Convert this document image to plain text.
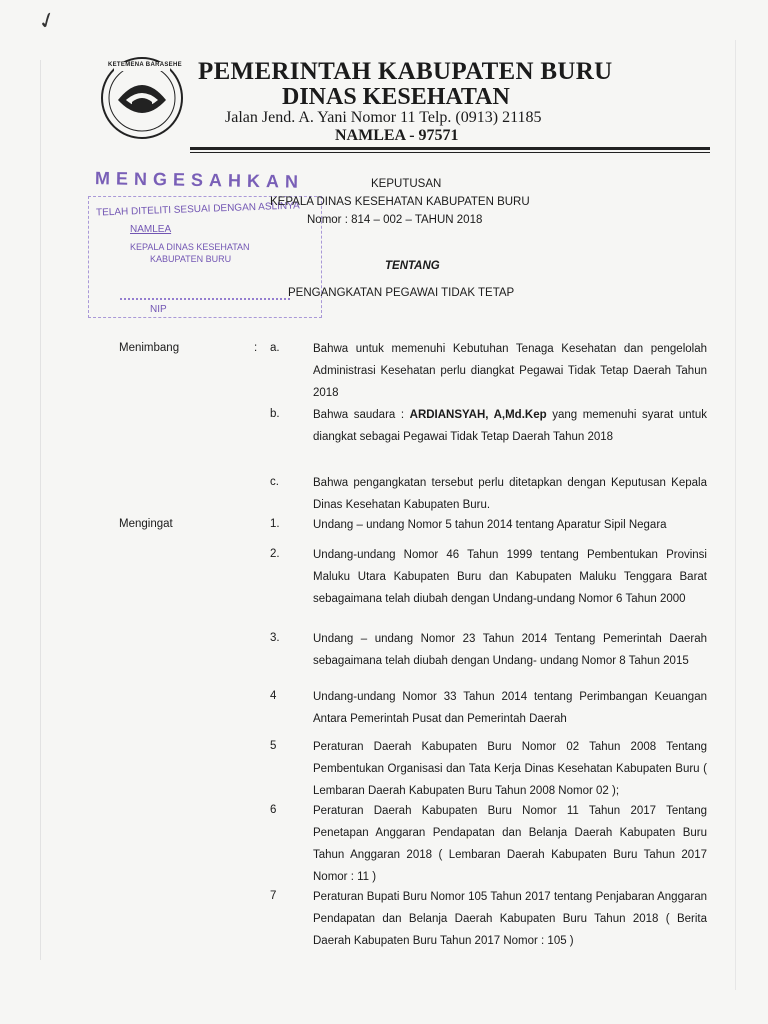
✓
KETEMENA BARASEHE PEMERINTAH KABUPATEN BURU
DINAS KESEHATAN
Jalan Jend. A. Yani Nomor 11 Telp. (0913) 21185
NAMLEA - 97571
MENGESAHKAN
TELAH DITELITI SESUAI DENGAN ASLINYA
NAMLEA
KEPALA DINAS KESEHATAN
KABUPATEN BURU
NIP
KEPUTUSAN
KEPALA DINAS KESEHATAN KABUPATEN BURU
Nomor : 814 – 002 – TAHUN 2018
TENTANG
PENGANGKATAN PEGAWAI TIDAK TETAP
Menimbang	: a.	Bahwa untuk memenuhi Kebutuhan Tenaga Kesehatan dan pengelolah Administrasi Kesehatan perlu diangkat Pegawai Tidak Tetap Daerah Tahun 2018
b.	Bahwa saudara : ARDIANSYAH, A,Md.Kep yang memenuhi syarat untuk diangkat sebagai Pegawai Tidak Tetap Daerah Tahun 2018
c.	Bahwa pengangkatan tersebut perlu ditetapkan dengan Keputusan Kepala Dinas Kesehatan Kabupaten Buru.
Mengingat	1.	Undang – undang Nomor 5 tahun 2014 tentang Aparatur Sipil Negara
2.	Undang-undang Nomor 46 Tahun 1999 tentang Pembentukan Provinsi Maluku Utara Kabupaten Buru dan Kabupaten Maluku Tenggara Barat sebagaimana telah diubah dengan Undang-undang Nomor 6 Tahun 2000
3.	Undang – undang Nomor 23 Tahun 2014 Tentang Pemerintah Daerah sebagaimana telah diubah dengan Undang- undang Nomor 8 Tahun 2015
4	Undang-undang Nomor 33 Tahun 2014 tentang Perimbangan Keuangan Antara Pemerintah Pusat dan Pemerintah Daerah
5	Peraturan Daerah Kabupaten Buru Nomor 02 Tahun 2008 Tentang Pembentukan Organisasi dan Tata Kerja Dinas Kesehatan Kabupaten Buru ( Lembaran Daerah Kabupaten Buru Tahun 2008 Nomor 02 );
6	Peraturan Daerah Kabupaten Buru Nomor 11 Tahun 2017 Tentang Penetapan Anggaran Pendapatan dan Belanja Daerah Kabupaten Buru Tahun Anggaran 2018 ( Lembaran Daerah Kabupaten Buru Tahun 2017 Nomor : 11 )
7	Peraturan Bupati Buru Nomor 105 Tahun 2017 tentang Penjabaran Anggaran Pendapatan dan Belanja Daerah Kabupaten Buru Tahun 2018 ( Berita Daerah Kabupaten Buru Tahun 2017 Nomor : 105 )
